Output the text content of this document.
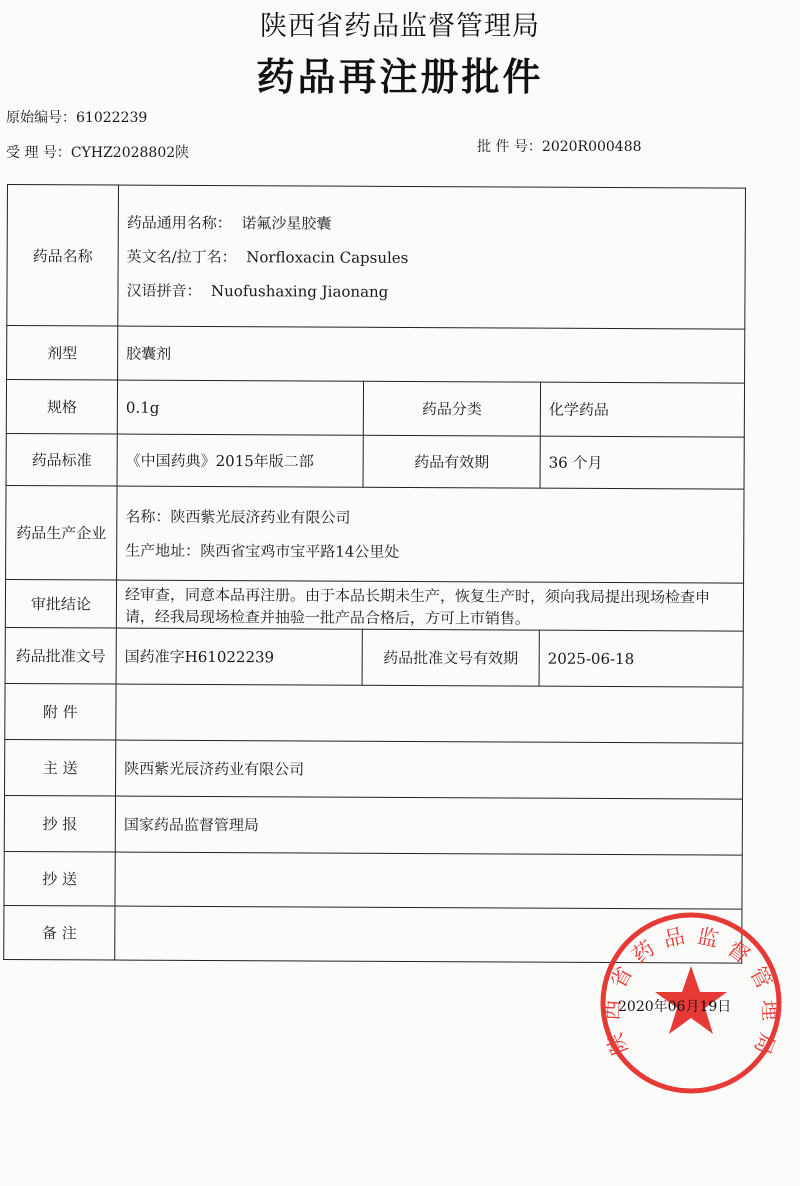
陕西省药品监督管理局
药品再注册批件
原始编号：61022239
受 理 号：CYHZ2028802陕	批 件 号：2020R000488
药品名称	药品通用名称： 诺氟沙星胶囊
英文名/拉丁名： Norfloxacin Capsules
汉语拼音： Nuofushaxing Jiaonang		

剂型	胶囊剂		
规格	0.1g	药品分类	化学药品
药品标准	《中国药典》2015年版二部	药品有效期	36 个月
药品生产企业	名称：陕西紫光辰济药业有限公司
生产地址：陕西省宝鸡市宝平路14公里处		

审批结论	经审查，同意本品再注册。由于本品长期未生产，恢复生产时，须向我局提出现场检查申请，经我局现场检查并抽验一批产品合格后，方可上市销售。		
药品批准文号	国药准字H61022239	药品批准文号有效期	2025-06-18
附 件			
主 送	陕西紫光辰济药业有限公司		
抄 报	国家药品监督管理局		
抄 送			
备 注			
陕西省药品监督管理局
2020年06月19日
